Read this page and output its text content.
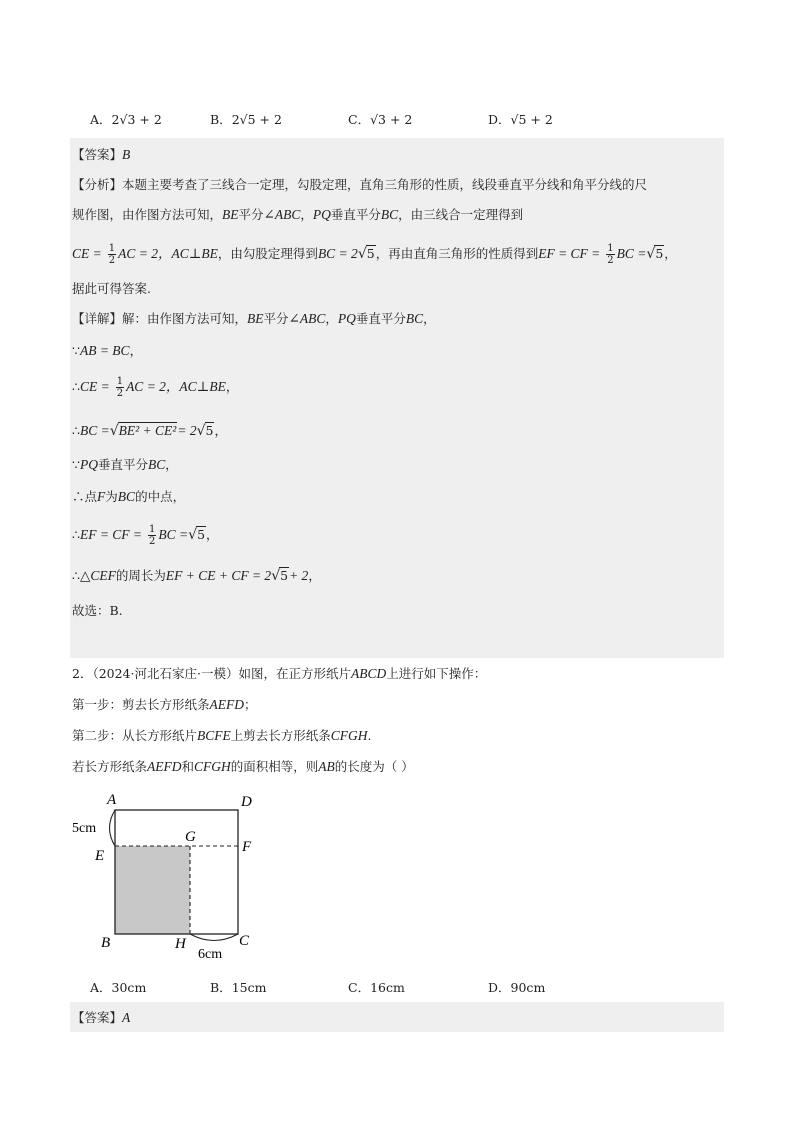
A．2√3 + 2	B．2√5 + 2	C．√3 + 2	D．√5 + 2
【答案】B
【分析】本题主要考查了三线合一定理，勾股定理，直角三角形的性质，线段垂直平分线和角平分线的尺
规作图，由作图方法可知，BE平分∠ABC，PQ垂直平分BC，由三线合一定理得到
CE = $\frac{1}{2}$ AC = 2，AC⊥BE，由勾股定理得到BC = 2√5，再由直角三角形的性质得到EF = CF = $\frac{1}{2}$ BC =√5，
据此可得答案.
【详解】解：由作图方法可知，BE平分∠ABC，PQ垂直平分BC，
∵AB = BC，
∴CE = $\frac{1}{2}$ AC = 2，AC⊥BE，
∴BC =√BE² + CE²= 2√5，
∵PQ垂直平分BC，
∴点F为BC的中点，
∴EF = CF = $\frac{1}{2}$ BC =√5，
∴△CEF的周长为EF + CE + CF = 2√5+ 2，
故选：B.
2．（2024·河北石家庄·一模）如图，在正方形纸片ABCD上进行如下操作：
第一步：剪去长方形纸条AEFD；
第二步：从长方形纸片BCFE上剪去长方形纸条CFGH.
若长方形纸条AEFD和CFGH的面积相等，则AB的长度为（ ）
A	D
G
E
F
B	H	C
5cm
6cm
A．30cm	B．15cm	C．16cm	D．90cm
【答案】A
